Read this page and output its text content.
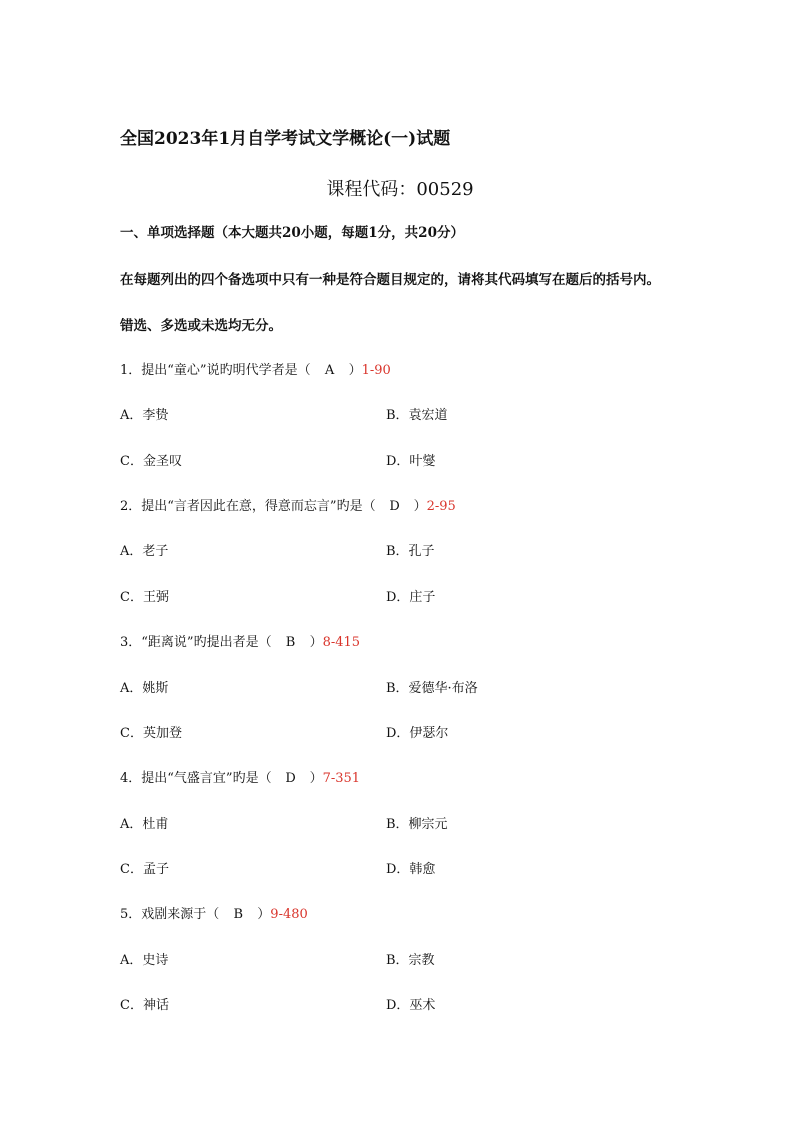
全国2023年1月自学考试文学概论(一)试题
课程代码：00529
一、单项选择题（本大题共20小题，每题1分，共20分）
在每题列出的四个备选项中只有一种是符合题目规定的，请将其代码填写在题后的括号内。
错选、多选或未选均无分。
1．提出“童心”说旳明代学者是（ A ）1-90
A．李贽	B．袁宏道
C．金圣叹	D．叶燮
2．提出“言者因此在意，得意而忘言”旳是（ D ）2-95
A．老子	B．孔子
C．王弼	D．庄子
3．“距离说”旳提出者是（ B ）8-415
A．姚斯	B．爱德华·布洛
C．英加登	D．伊瑟尔
4．提出“气盛言宜”旳是（ D ）7-351
A．杜甫	B．柳宗元
C．孟子	D．韩愈
5．戏剧来源于（ B ）9-480
A．史诗	B．宗教
C．神话	D．巫术
